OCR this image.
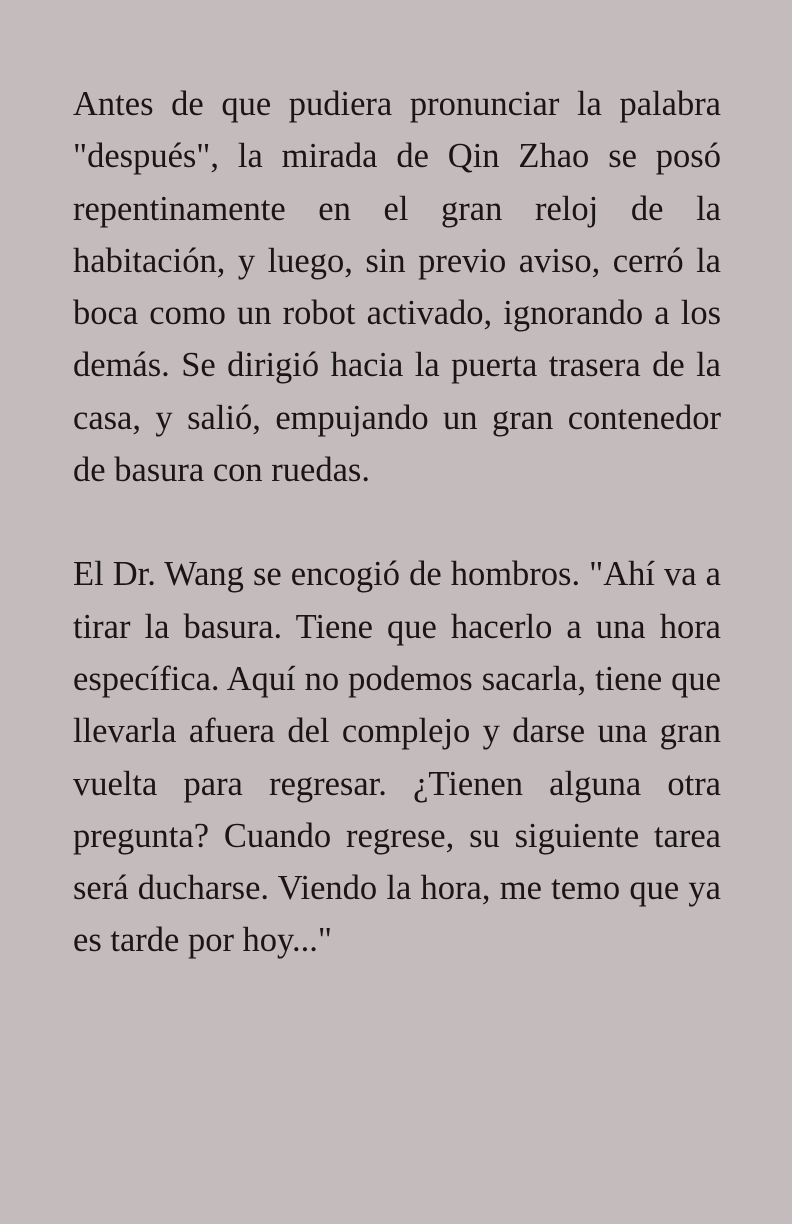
Antes de que pudiera pronunciar la palabra "después", la mirada de Qin Zhao se posó repentinamente en el gran reloj de la habitación, y luego, sin previo aviso, cerró la boca como un robot activado, ignorando a los demás. Se dirigió hacia la puerta trasera de la casa, y salió, empujando un gran contenedor de basura con ruedas.

El Dr. Wang se encogió de hombros. "Ahí va a tirar la basura. Tiene que hacerlo a una hora específica. Aquí no podemos sacarla, tiene que llevarla afuera del complejo y darse una gran vuelta para regresar. ¿Tienen alguna otra pregunta? Cuando regrese, su siguiente tarea será ducharse. Viendo la hora, me temo que ya es tarde por hoy..."
